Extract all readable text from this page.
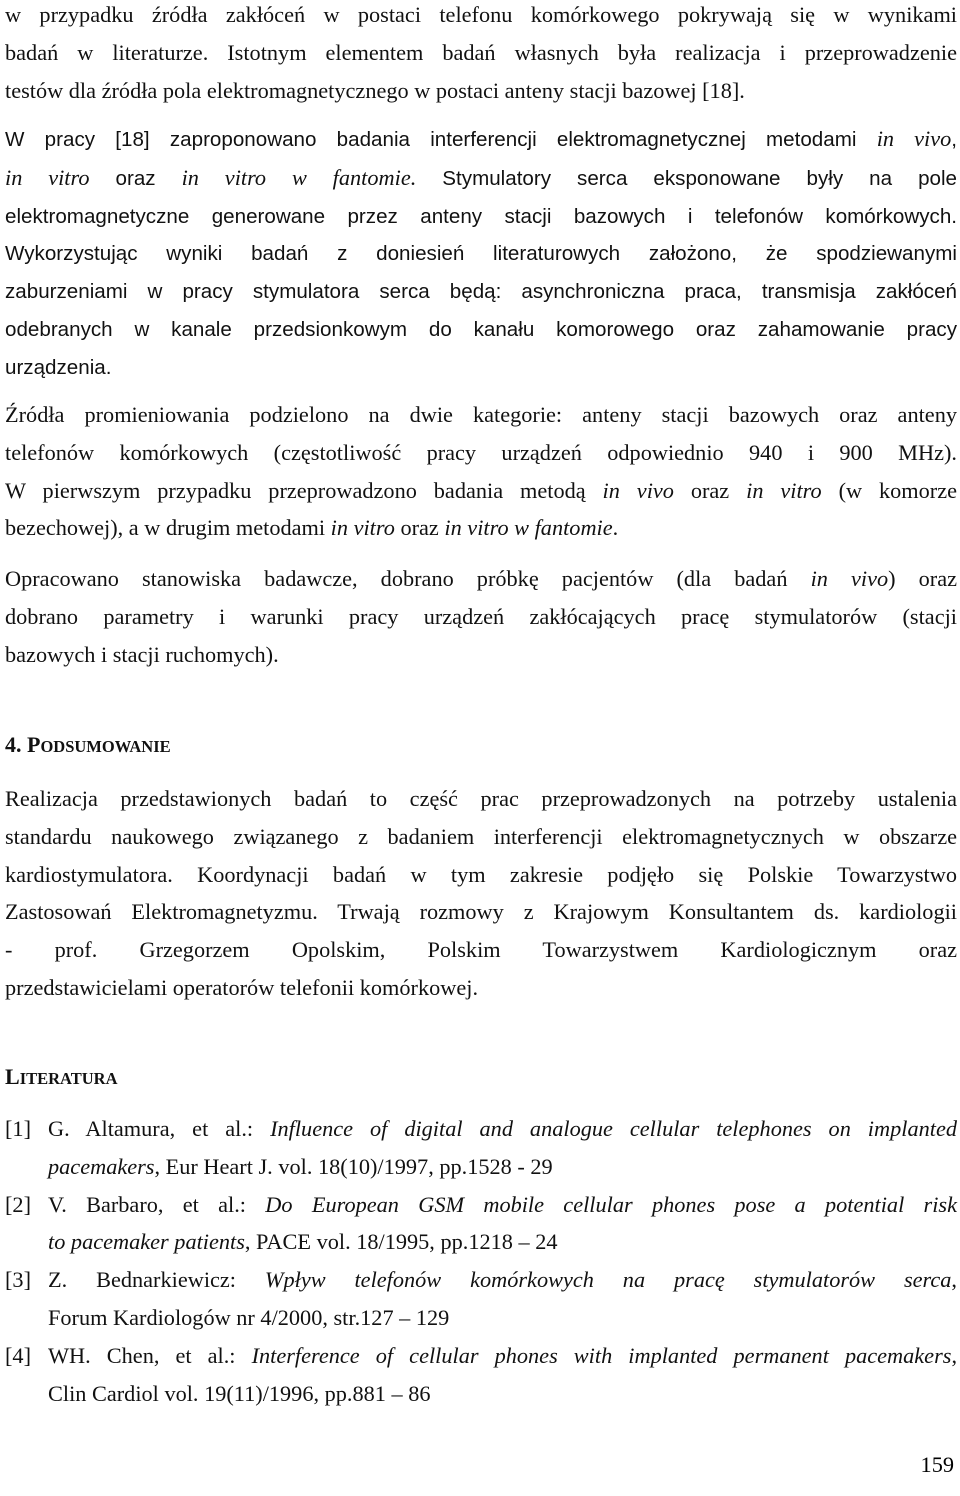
w przypadku źródła zakłóceń w postaci telefonu komórkowego pokrywają się w wynikami
badań w literaturze. Istotnym elementem badań własnych była realizacja i przeprowadzenie
testów dla źródła pola elektromagnetycznego w postaci anteny stacji bazowej [18].
W pracy [18] zaproponowano badania interferencji elektromagnetycznej metodami in vivo,
in vitro oraz in vitro w fantomie. Stymulatory serca eksponowane były na pole
elektromagnetyczne generowane przez anteny stacji bazowych i telefonów komórkowych.
Wykorzystując wyniki badań z doniesień literaturowych założono, że spodziewanymi
zaburzeniami w pracy stymulatora serca będą: asynchroniczna praca, transmisja zakłóceń
odebranych w kanale przedsionkowym do kanału komorowego oraz zahamowanie pracy
urządzenia.
Źródła promieniowania podzielono na dwie kategorie: anteny stacji bazowych oraz anteny
telefonów komórkowych (częstotliwość pracy urządzeń odpowiednio 940 i 900 MHz).
W pierwszym przypadku przeprowadzono badania metodą in vivo oraz in vitro (w komorze
bezechowej), a w drugim metodami in vitro oraz in vitro w fantomie.
Opracowano stanowiska badawcze, dobrano próbkę pacjentów (dla badań in vivo) oraz
dobrano parametry i warunki pracy urządzeń zakłócających pracę stymulatorów (stacji
bazowych i stacji ruchomych).
4. PODSUMOWANIE
Realizacja przedstawionych badań to część prac przeprowadzonych na potrzeby ustalenia
standardu naukowego związanego z badaniem interferencji elektromagnetycznych w obszarze
kardiostymulatora. Koordynacji badań w tym zakresie podjęło się Polskie Towarzystwo
Zastosowań Elektromagnetyzmu. Trwają rozmowy z Krajowym Konsultantem ds. kardiologii
- prof. Grzegorzem Opolskim, Polskim Towarzystwem Kardiologicznym oraz
przedstawicielami operatorów telefonii komórkowej.
LITERATURA
[1] G. Altamura, et al.: Influence of digital and analogue cellular telephones on implanted
pacemakers, Eur Heart J. vol. 18(10)/1997, pp.1528 - 29
[2] V. Barbaro, et al.: Do European GSM mobile cellular phones pose a potential risk
to pacemaker patients, PACE vol. 18/1995, pp.1218 – 24
[3] Z. Bednarkiewicz: Wpływ telefonów komórkowych na pracę stymulatorów serca,
Forum Kardiologów nr 4/2000, str.127 – 129
[4] WH. Chen, et al.: Interference of cellular phones with implanted permanent pacemakers,
Clin Cardiol vol. 19(11)/1996, pp.881 – 86
159
